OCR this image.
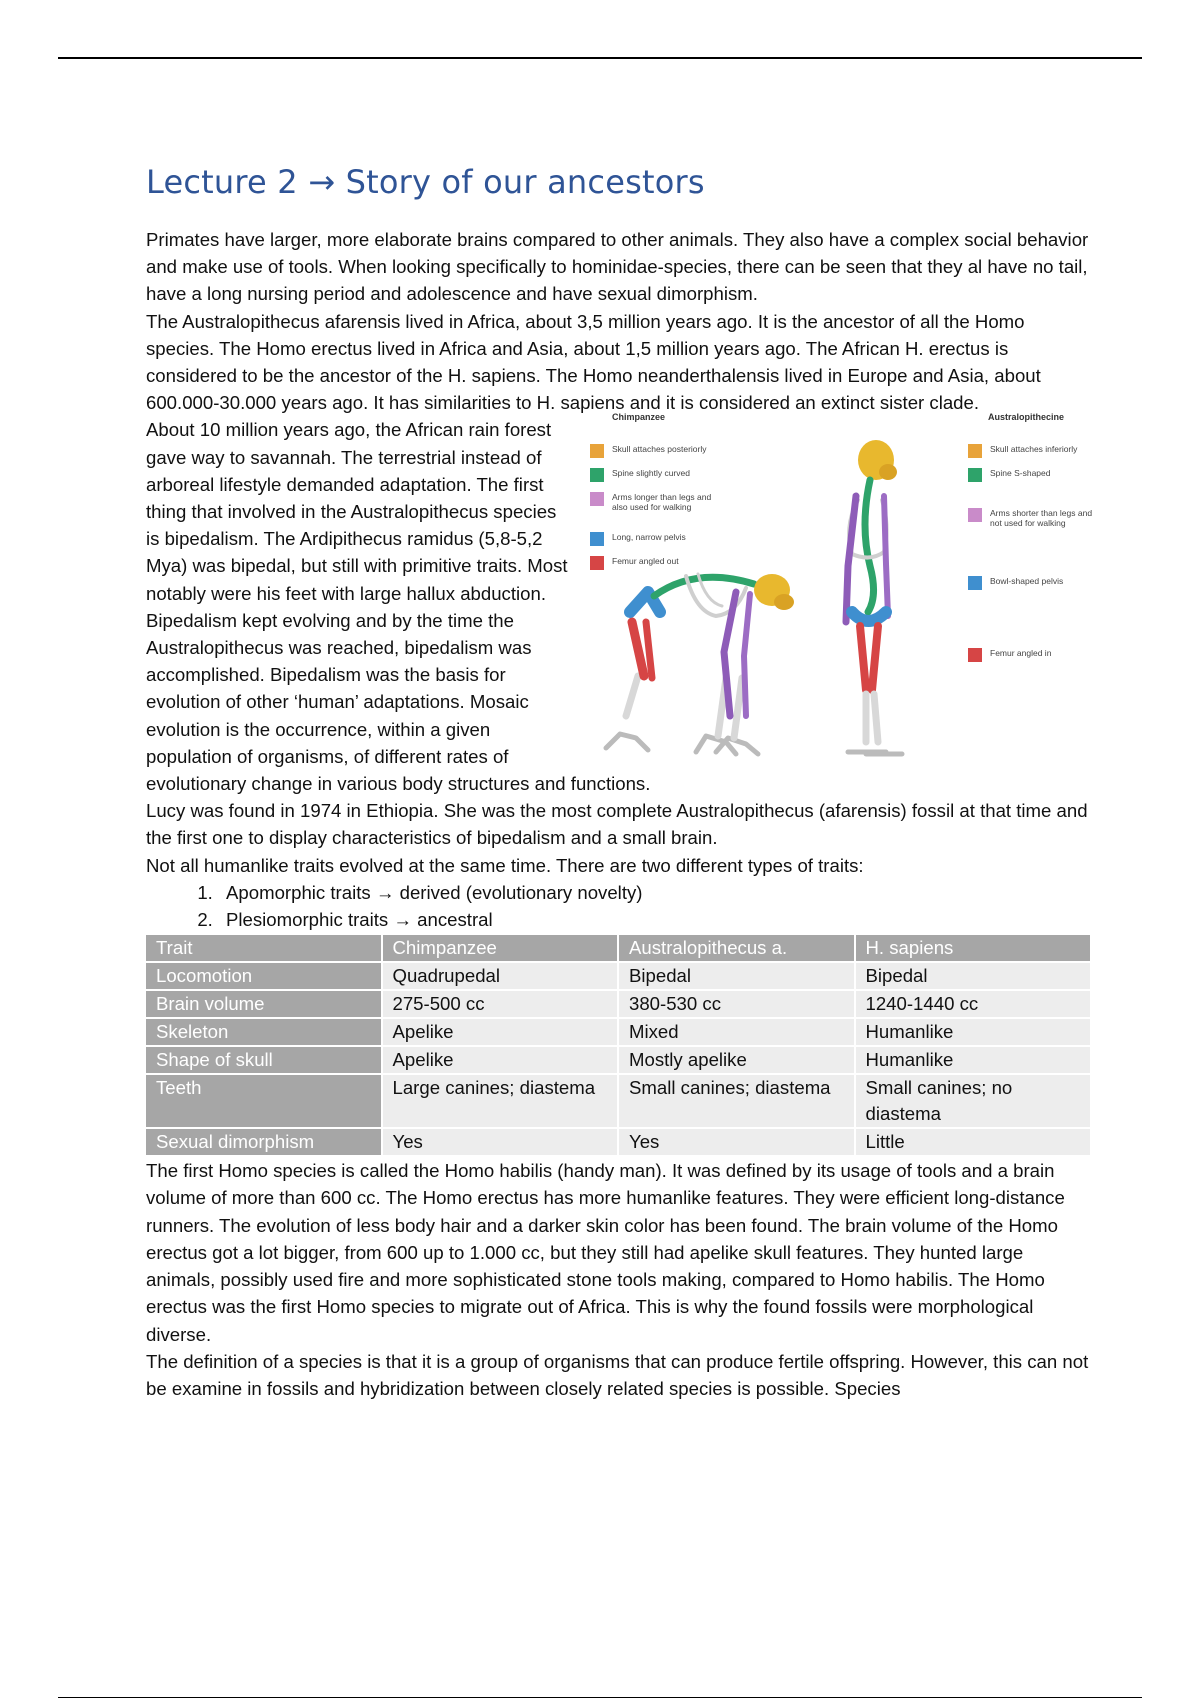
Lecture 2 → Story of our ancestors

Primates have larger, more elaborate brains compared to other animals. They also have a complex social behavior and make use of tools. When looking specifically to hominidae-species, there can be seen that they al have no tail, have a long nursing period and adolescence and have sexual dimorphism.

The Australopithecus afarensis lived in Africa, about 3,5 million years ago. It is the ancestor of all the Homo species. The Homo erectus lived in Africa and Asia, about 1,5 million years ago. The African H. erectus is considered to be the ancestor of the H. sapiens. The Homo neanderthalensis lived in Europe and Asia, about 600.000-30.000 years ago. It has similarities to H. sapiens and it is considered an extinct sister clade.

Chimpanzee	Australopithecine
Skull attaches posteriorly
Spine slightly curved
Arms longer than legs and also used for walking
Long, narrow pelvis
Femur angled out
Skull attaches inferiorly
Spine S-shaped
Arms shorter than legs and not used for walking
Bowl-shaped pelvis
Femur angled in

About 10 million years ago, the African rain forest gave way to savannah. The terrestrial instead of arboreal lifestyle demanded adaptation. The first thing that involved in the Australopithecus species is bipedalism. The Ardipithecus ramidus (5,8-5,2 Mya) was bipedal, but still with primitive traits. Most notably were his feet with large hallux abduction. Bipedalism kept evolving and by the time the Australopithecus was reached, bipedalism was accomplished. Bipedalism was the basis for evolution of other ‘human’ adaptations. Mosaic evolution is the occurrence, within a given population of organisms, of different rates of evolutionary change in various body structures and functions.

Lucy was found in 1974 in Ethiopia. She was the most complete Australopithecus (afarensis) fossil at that time and the first one to display characteristics of bipedalism and a small brain.

Not all humanlike traits evolved at the same time. There are two different types of traits:

1. Apomorphic traits → derived (evolutionary novelty)
2. Plesiomorphic traits → ancestral
Trait	Chimpanzee	Australopithecus a.	H. sapiens
Locomotion	Quadrupedal	Bipedal	Bipedal
Brain volume	275-500 cc	380-530 cc	1240-1440 cc
Skeleton	Apelike	Mixed	Humanlike
Shape of skull	Apelike	Mostly apelike	Humanlike
Teeth	Large canines; diastema	Small canines; diastema	Small canines; no diastema
Sexual dimorphism	Yes	Yes	Little

The first Homo species is called the Homo habilis (handy man). It was defined by its usage of tools and a brain volume of more than 600 cc. The Homo erectus has more humanlike features. They were efficient long-distance runners. The evolution of less body hair and a darker skin color has been found. The brain volume of the Homo erectus got a lot bigger, from 600 up to 1.000 cc, but they still had apelike skull features. They hunted large animals, possibly used fire and more sophisticated stone tools making, compared to Homo habilis. The Homo erectus was the first Homo species to migrate out of Africa. This is why the found fossils were morphological diverse.

The definition of a species is that it is a group of organisms that can produce fertile offspring. However, this can not be examine in fossils and hybridization between closely related species is possible. Species
